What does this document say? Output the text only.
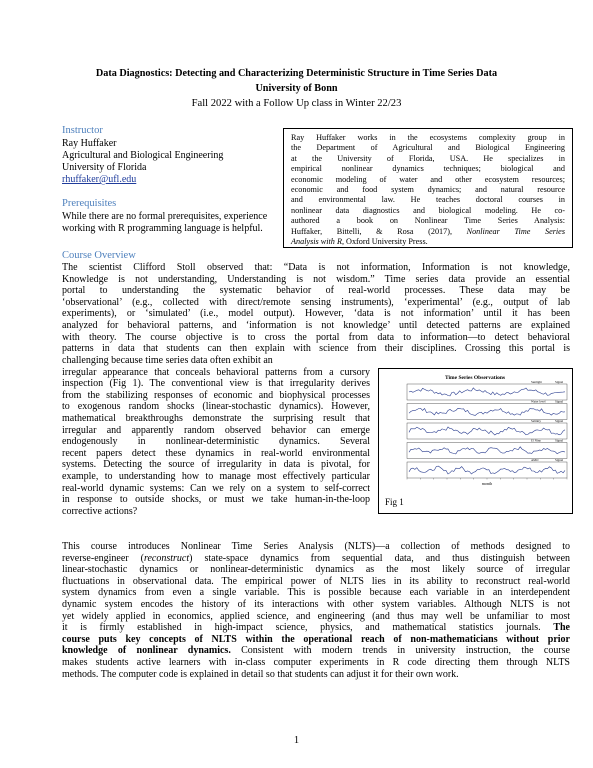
Data Diagnostics: Detecting and Characterizing Deterministic Structure in Time Series Data
University of Bonn
Fall 2022 with a Follow Up class in Winter 22/23
Instructor
Ray Huffaker
Agricultural and Biological Engineering
University of Florida
rhuffaker@ufl.edu
Prerequisites
While there are no formal prerequisites, experience
working with R programming language is helpful.
Ray Huffaker works in the ecosystems complexity group in
the Department of Agricultural and Biological Engineering
at the University of Florida, USA. He specializes in
empirical nonlinear dynamics techniques; biological and
economic modeling of water and other ecosystem resources;
economic and food system dynamics; and natural resource
and environmental law. He teaches doctoral courses in
nonlinear data diagnostics and biological modeling. He co-
authored a book on Nonlinear Time Series Analysis:
Huffaker, Bittelli, & Rosa (2017), Nonlinear Time Series
Analysis with R, Oxford University Press.
Course Overview
The scientist Clifford Stoll observed that: “Data is not information, Information is not knowledge,
Knowledge is not understanding, Understanding is not wisdom.” Time series data provide an essential
portal to understanding the systematic behavior of real-world processes. These data may be
‘observational’ (e.g., collected with direct/remote sensing instruments), ‘experimental’ (e.g., output of lab
experiments), or ‘simulated’ (i.e., model output). However, ‘data is not information’ until it has been
analyzed for behavioral patterns, and ‘information is not knowledge’ until detected patterns are explained
with theory. The course objective is to cross the portal from data to information—to detect behavioral
patterns in data that students can then explain with science from their disciplines. Crossing this portal is
challenging because time series data often exhibit an
irregular appearance that conceals behavioral patterns from a cursory
inspection (Fig 1). The conventional view is that irregularity derives
from the stabilizing responses of economic and biophysical processes
to exogenous random shocks (linear-stochastic dynamics). However,
mathematical breakthroughs demonstrate the surprising result that
irregular and apparently random observed behavior can emerge
endogenously in nonlinear-deterministic dynamics. Several
recent papers detect these dynamics in real-world environmental
systems. Detecting the source of irregularity in data is pivotal, for
example, to understanding how to manage most effectively particular
real-world dynamic systems: Can we rely on a system to self-correct
in response to outside shocks, or must we take human-in-the-loop
corrective actions?
Time Series Observations
Sunlight	Signal
Water level	Signal
Salinity	Signal
El Nino	Signal
AMO	Signal
month
Fig 1
This course introduces Nonlinear Time Series Analysis (NLTS)—a collection of methods designed to
reverse-engineer (reconstruct) state-space dynamics from sequential data, and thus distinguish between
linear-stochastic dynamics or nonlinear-deterministic dynamics as the most likely source of irregular
fluctuations in observational data. The empirical power of NLTS lies in its ability to reconstruct real-world
system dynamics from even a single variable. This is possible because each variable in an interdependent
dynamic system encodes the history of its interactions with other system variables. Although NLTS is not
yet widely applied in economics, applied science, and engineering (and thus may well be unfamiliar to most
it is firmly established in high-impact science, physics, and mathematical statistics journals. The
course puts key concepts of NLTS within the operational reach of non-mathematicians without prior
knowledge of nonlinear dynamics. Consistent with modern trends in university instruction, the course
makes students active learners with in-class computer experiments in R code directing them through NLTS
methods. The computer code is explained in detail so that students can adjust it for their own work.
1
